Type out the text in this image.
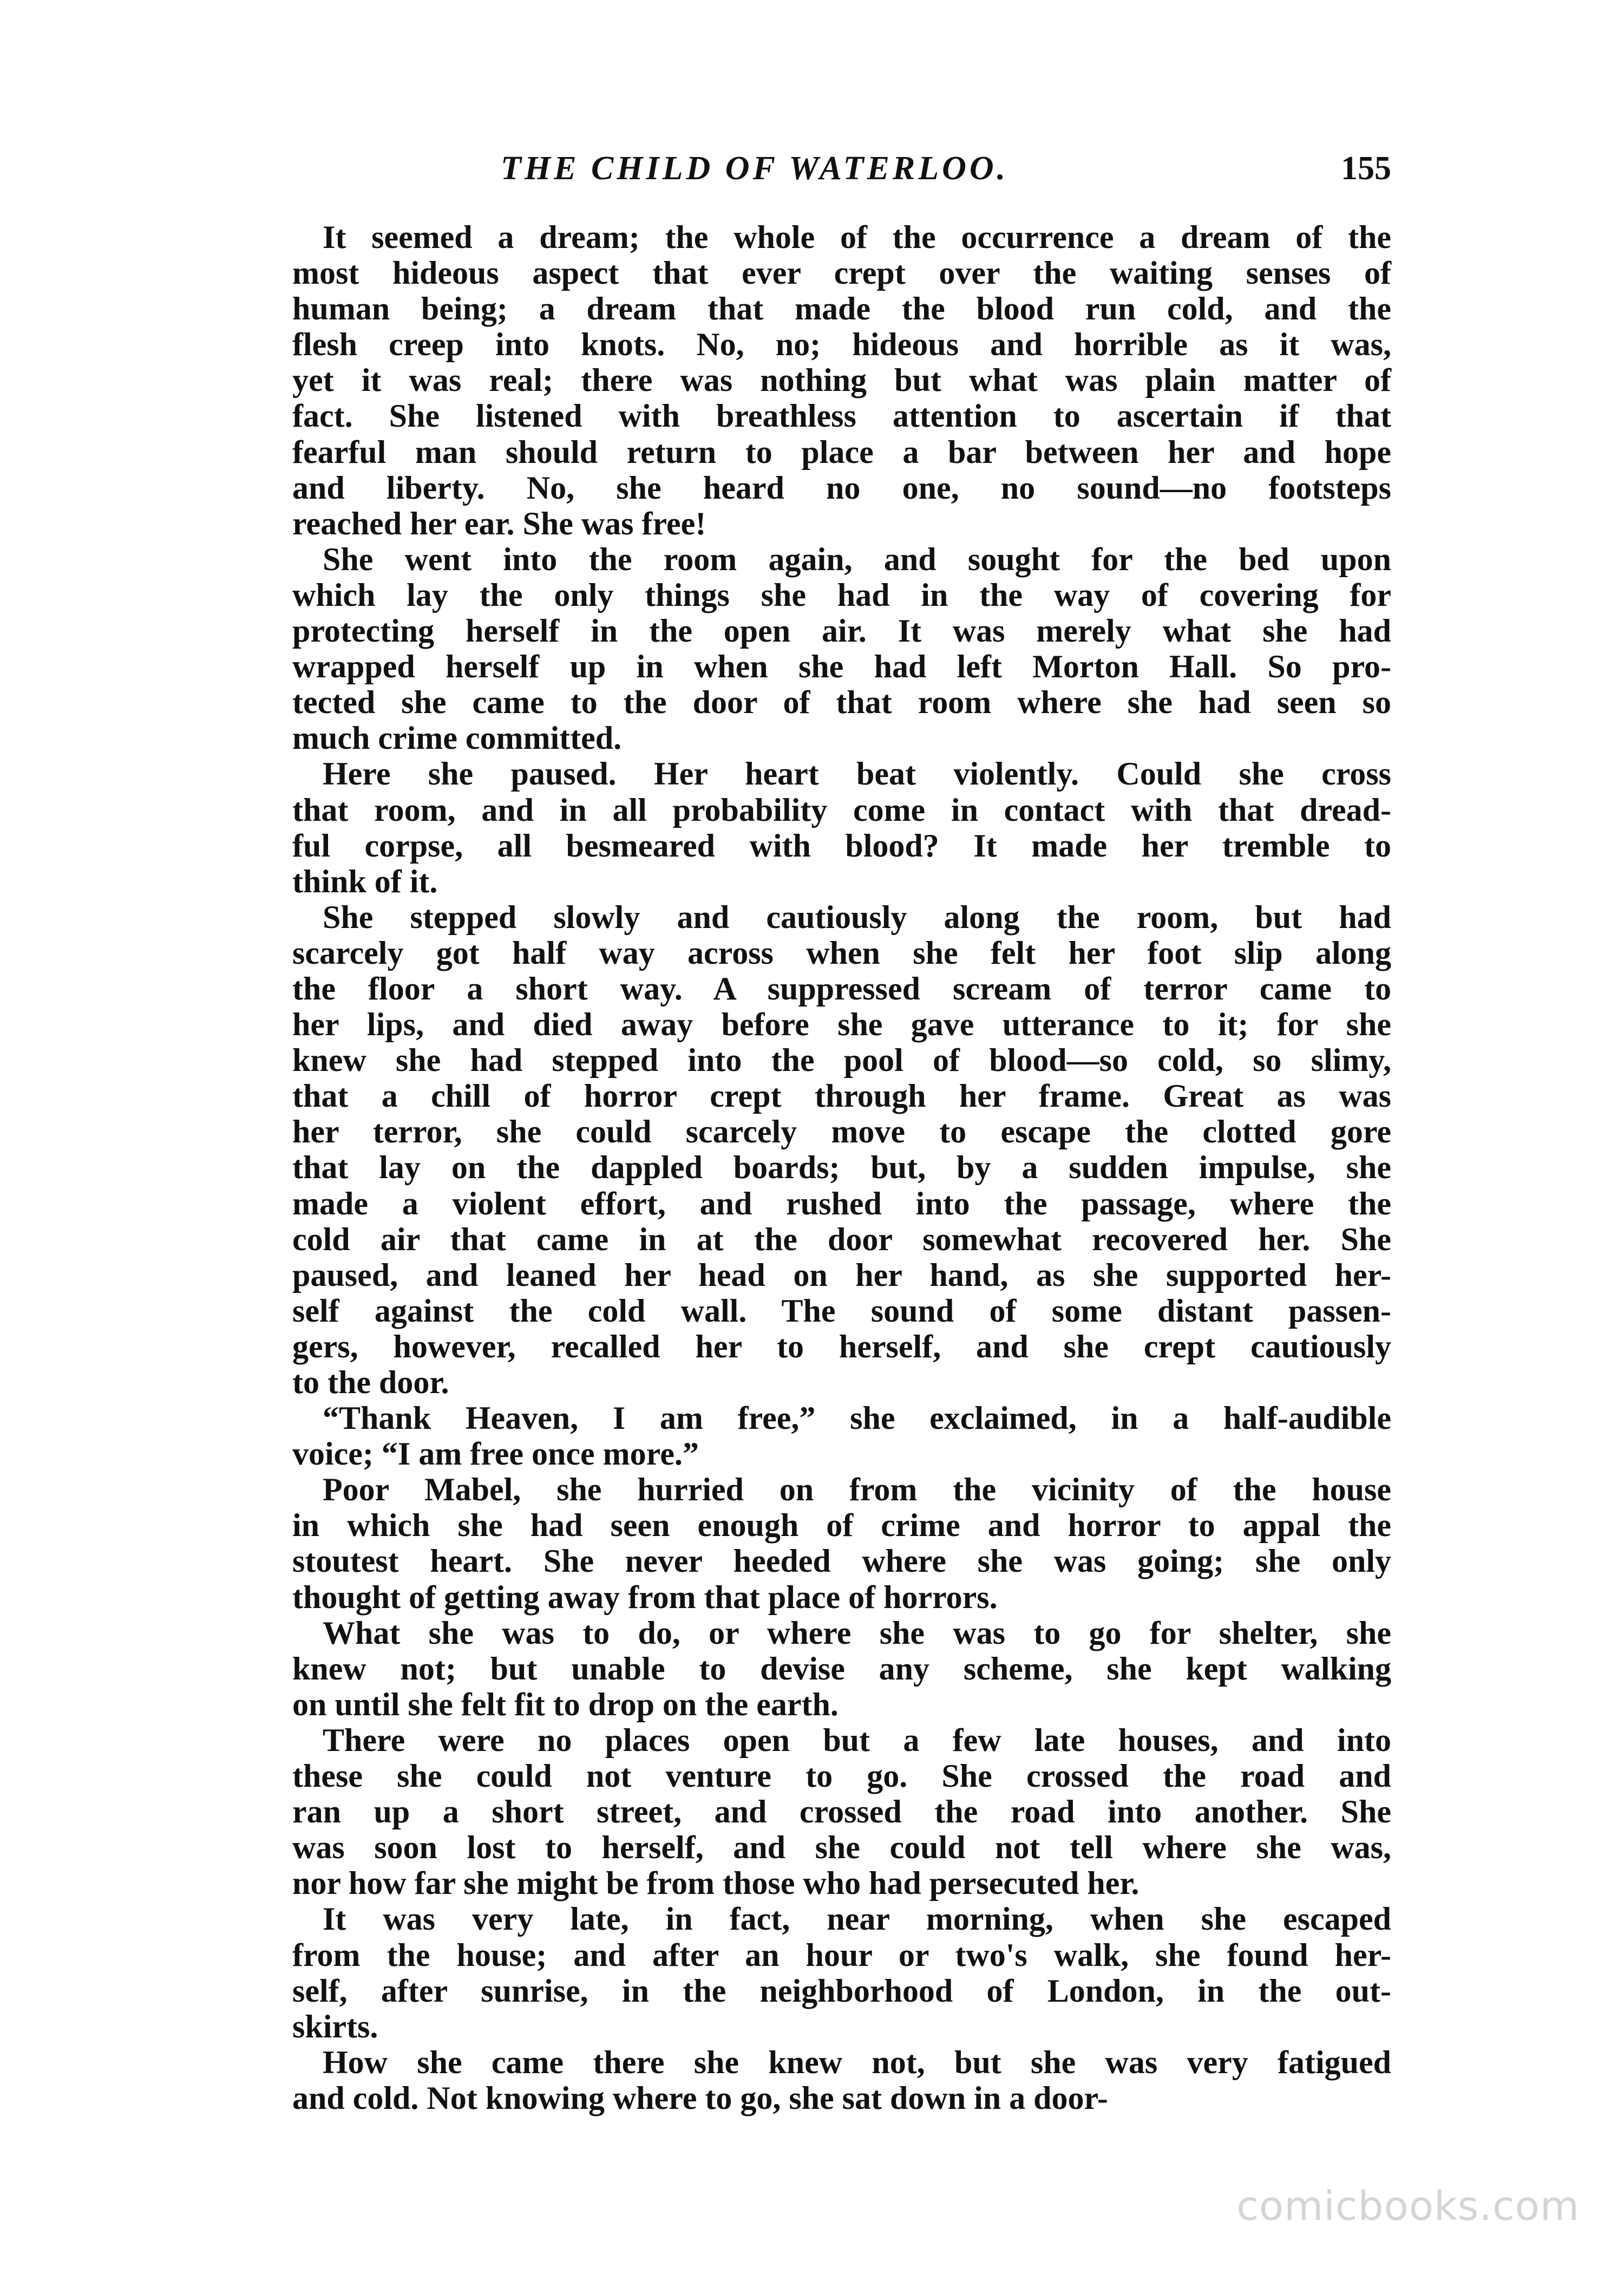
THE CHILD OF WATERLOO.	155
It seemed a dream; the whole of the occurrence a dream of the
most hideous aspect that ever crept over the waiting senses of
human being; a dream that made the blood run cold, and the
flesh creep into knots. No, no; hideous and horrible as it was,
yet it was real; there was nothing but what was plain matter of
fact. She listened with breathless attention to ascertain if that
fearful man should return to place a bar between her and hope
and liberty. No, she heard no one, no sound—no footsteps
reached her ear. She was free!
She went into the room again, and sought for the bed upon
which lay the only things she had in the way of covering for
protecting herself in the open air. It was merely what she had
wrapped herself up in when she had left Morton Hall. So pro-
tected she came to the door of that room where she had seen so
much crime committed.
Here she paused. Her heart beat violently. Could she cross
that room, and in all probability come in contact with that dread-
ful corpse, all besmeared with blood? It made her tremble to
think of it.
She stepped slowly and cautiously along the room, but had
scarcely got half way across when she felt her foot slip along
the floor a short way. A suppressed scream of terror came to
her lips, and died away before she gave utterance to it; for she
knew she had stepped into the pool of blood—so cold, so slimy,
that a chill of horror crept through her frame. Great as was
her terror, she could scarcely move to escape the clotted gore
that lay on the dappled boards; but, by a sudden impulse, she
made a violent effort, and rushed into the passage, where the
cold air that came in at the door somewhat recovered her. She
paused, and leaned her head on her hand, as she supported her-
self against the cold wall. The sound of some distant passen-
gers, however, recalled her to herself, and she crept cautiously
to the door.
“Thank Heaven, I am free,” she exclaimed, in a half-audible
voice; “I am free once more.”
Poor Mabel, she hurried on from the vicinity of the house
in which she had seen enough of crime and horror to appal the
stoutest heart. She never heeded where she was going; she only
thought of getting away from that place of horrors.
What she was to do, or where she was to go for shelter, she
knew not; but unable to devise any scheme, she kept walking
on until she felt fit to drop on the earth.
There were no places open but a few late houses, and into
these she could not venture to go. She crossed the road and
ran up a short street, and crossed the road into another. She
was soon lost to herself, and she could not tell where she was,
nor how far she might be from those who had persecuted her.
It was very late, in fact, near morning, when she escaped
from the house; and after an hour or two's walk, she found her-
self, after sunrise, in the neighborhood of London, in the out-
skirts.
How she came there she knew not, but she was very fatigued
and cold. Not knowing where to go, she sat down in a door-
comicbooks.com
